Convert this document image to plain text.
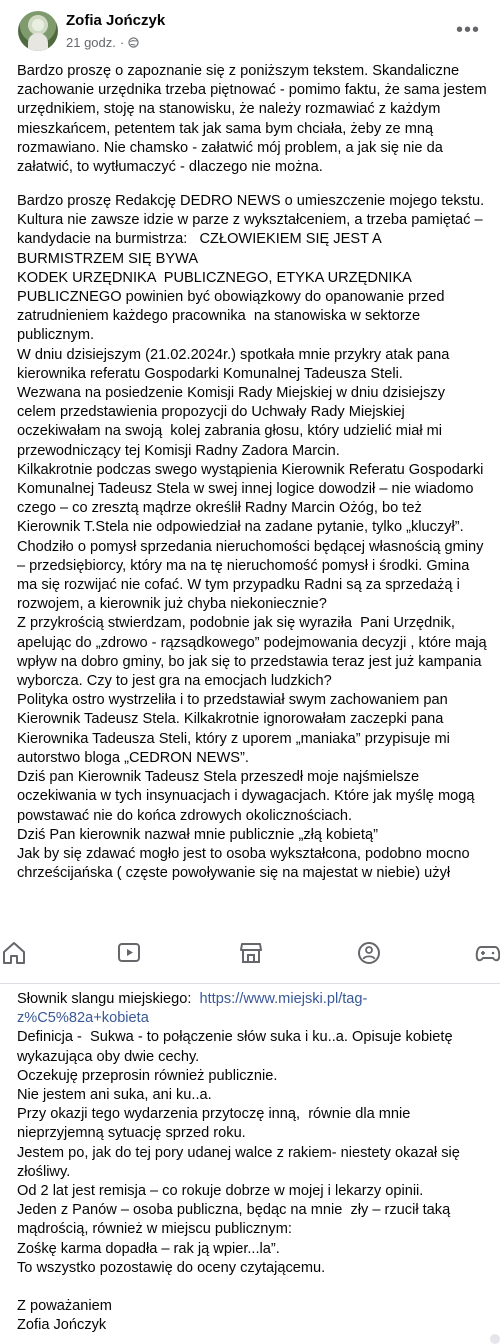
Zofia Jończyk
21 godz. ·
•••
Bardzo proszę o zapoznanie się z poniższym tekstem. Skandaliczne zachowanie urzędnika trzeba piętnować - pomimo faktu, że sama jestem urzędnikiem, stoję na stanowisku, że należy rozmawiać z każdym mieszkańcem, petentem tak jak sama bym chciała, żeby ze mną rozmawiano. Nie chamsko - załatwić mój problem, a jak się nie da załatwić, to wytłumaczyć - dlaczego nie można.
Bardzo proszę Redakcję DEDRO NEWS o umieszczenie mojego tekstu.
Kultura nie zawsze idzie w parze z wykształceniem, a trzeba pamiętać – kandydacie na burmistrza:   CZŁOWIEKIEM SIĘ JEST A BURMISTRZEM SIĘ BYWA
KODEK URZĘDNIKA  PUBLICZNEGO, ETYKA URZĘDNIKA PUBLICZNEGO powinien być obowiązkowy do opanowanie przed zatrudnieniem każdego pracownika  na stanowiska w sektorze publicznym.
W dniu dzisiejszym (21.02.2024r.) spotkała mnie przykry atak pana kierownika referatu Gospodarki Komunalnej Tadeusza Steli.
Wezwana na posiedzenie Komisji Rady Miejskiej w dniu dzisiejszy celem przedstawienia propozycji do Uchwały Rady Miejskiej oczekiwałam na swoją  kolej zabrania głosu, który udzielić miał mi przewodniczący tej Komisji Radny Zadora Marcin.
Kilkakrotnie podczas swego wystąpienia Kierownik Referatu Gospodarki Komunalnej Tadeusz Stela w swej innej logice dowodził – nie wiadomo czego – co zresztą mądrze określił Radny Marcin Ożóg, bo też Kierownik T.Stela nie odpowiedział na zadane pytanie, tylko „kluczył”.  Chodziło o pomysł sprzedania nieruchomości będącej własnością gminy – przedsiębiorcy, który ma na tę nieruchomość pomysł i środki. Gmina ma się rozwijać nie cofać. W tym przypadku Radni są za sprzedażą i rozwojem, a kierownik już chyba niekoniecznie?
Z przykrością stwierdzam, podobnie jak się wyraziła  Pani Urzędnik, apelując do „zdrowo - rązsądkowego” podejmowania decyzji , które mają wpływ na dobro gminy, bo jak się to przedstawia teraz jest już kampania wyborcza. Czy to jest gra na emocjach ludzkich?
Polityka ostro wystrzeliła i to przedstawiał swym zachowaniem pan Kierownik Tadeusz Stela. Kilkakrotnie ignorowałam zaczepki pana Kierownika Tadeusza Steli, który z uporem „maniaka” przypisuje mi autorstwo bloga „CEDRON NEWS”.
Dziś pan Kierownik Tadeusz Stela przeszedł moje najśmielsze oczekiwania w tych insynuacjach i dywagacjach. Które jak myślę mogą powstawać nie do końca zdrowych okolicznościach.
Dziś Pan kierownik nazwał mnie publicznie „złą kobietą”
Jak by się zdawać mogło jest to osoba wykształcona, podobno mocno chrześcijańska ( częste powoływanie się na majestat w niebie) użył
Słownik slangu miejskiego:  https://www.miejski.pl/tag-z%C5%82a+kobieta
Definicja -  Sukwa - to połączenie słów suka i ku..a. Opisuje kobietę wykazująca oby dwie cechy.
Oczekuję przeprosin również publicznie.
Nie jestem ani suka, ani ku..a.
Przy okazji tego wydarzenia przytoczę inną,  równie dla mnie nieprzyjemną sytuację sprzed roku.
Jestem po, jak do tej pory udanej walce z rakiem- niestety okazał się złośliwy.
Od 2 lat jest remisja – co rokuje dobrze w mojej i lekarzy opinii.
Jeden z Panów – osoba publiczna, będąc na mnie  zły – rzucił taką mądrością, również w miejscu publicznym:
Zośkę karma dopadła – rak ją wpier...la”.
To wszystko pozostawię do oceny czytającemu.
Z poważaniem
Zofia Jończyk
